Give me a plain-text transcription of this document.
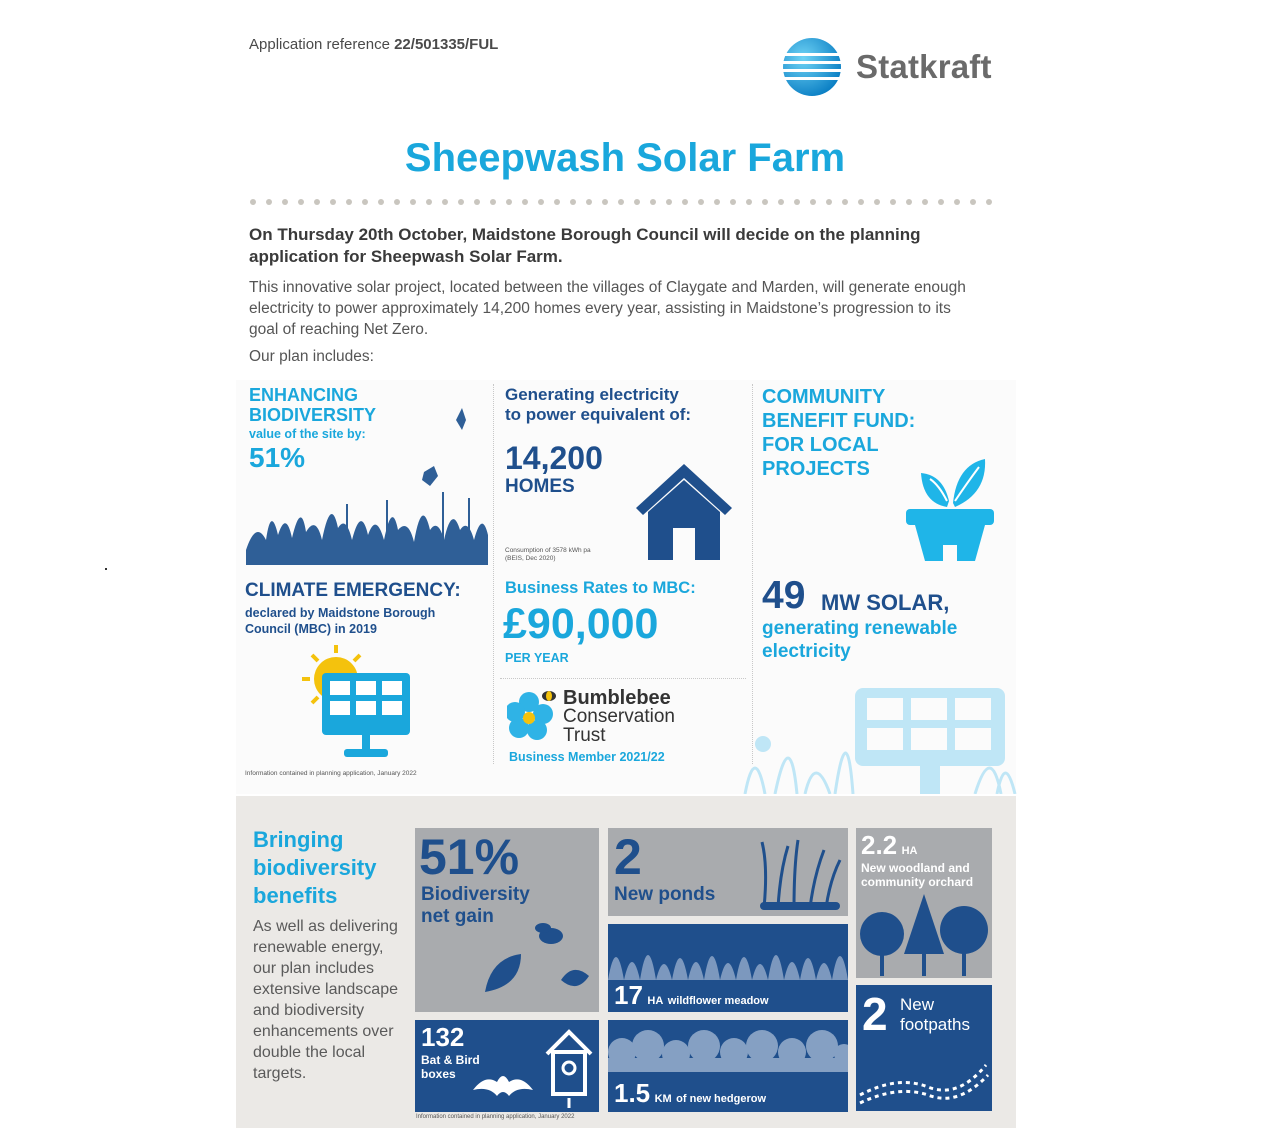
Application reference 22/501335/FUL
Statkraft
Sheepwash Solar Farm
On Thursday 20th October, Maidstone Borough Council will decide on the planning application for Sheepwash Solar Farm.
This innovative solar project, located between the villages of Claygate and Marden, will generate enough electricity to power approximately 14,200 homes every year, assisting in Maidstone’s progression to its goal of reaching Net Zero.
Our plan includes:
ENHANCING
BIODIVERSITY
value of the site by:
51%
Generating electricity
to power equivalent of:
14,200
HOMES
Consumption of 3578 kWh pa
(BEIS, Dec 2020)
COMMUNITY
BENEFIT FUND:
FOR LOCAL
PROJECTS
CLIMATE EMERGENCY:
declared by Maidstone Borough
Council (MBC) in 2019
Information contained in planning application, January 2022
Business Rates to MBC:
£90,000
PER YEAR
Bumblebee
Conservation
Trust
Business Member 2021/22
49 MW SOLAR,
generating renewable
electricity
Bringing
biodiversity
benefits
As well as delivering renewable energy, our plan includes extensive landscape and biodiversity enhancements over double the local targets.
51%
Biodiversity
net gain
2
New ponds
2.2 HA
New woodland and
community orchard
17 HA wildflower meadow 2 New
footpaths
132
Bat & Bird
boxes
1.5 KM of new hedgerow
Information contained in planning application, January 2022
